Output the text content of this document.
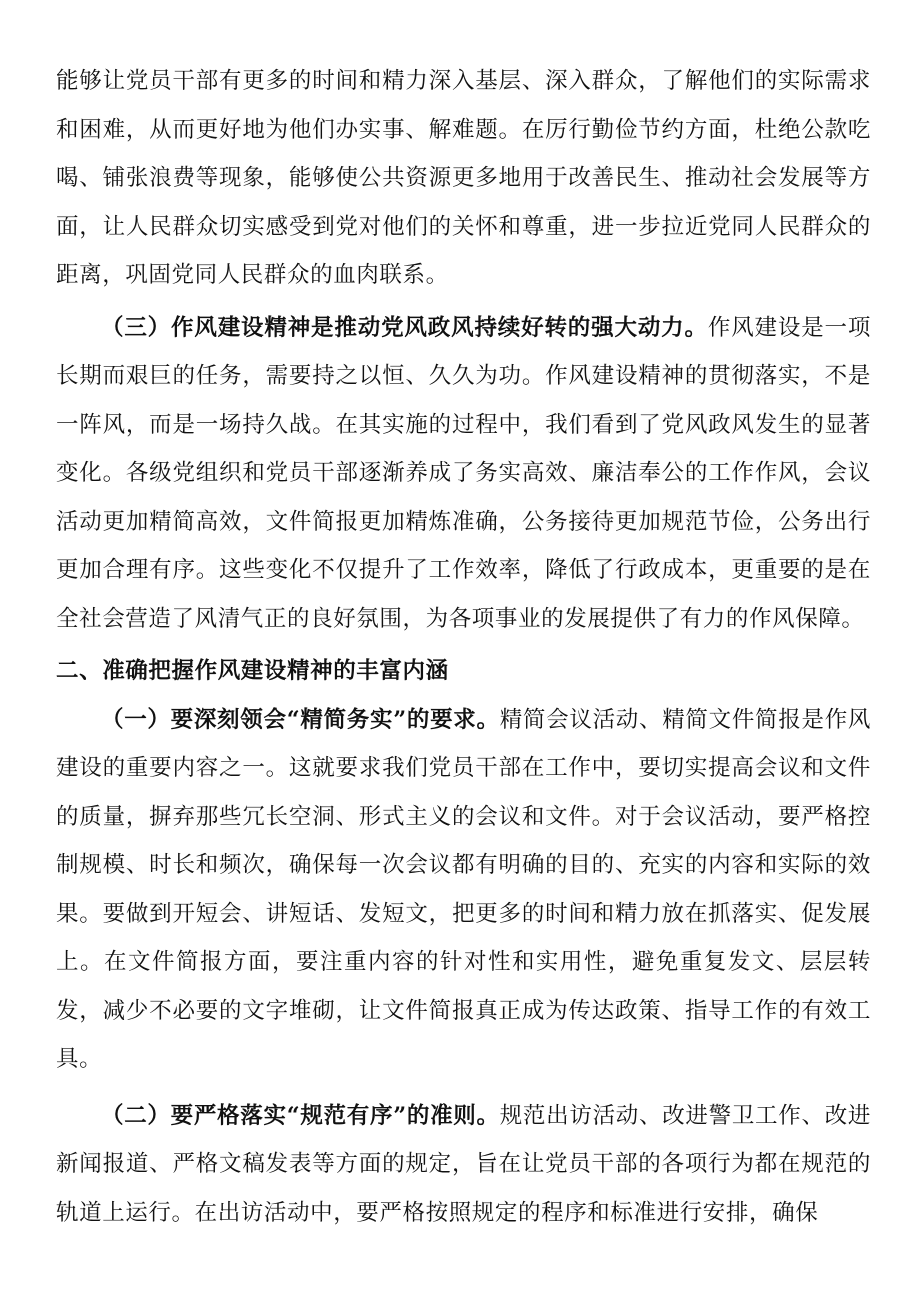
能够让党员干部有更多的时间和精力深入基层、深入群众，了解他们的实际需求和困难，从而更好地为他们办实事、解难题。在厉行勤俭节约方面，杜绝公款吃喝、铺张浪费等现象，能够使公共资源更多地用于改善民生、推动社会发展等方面，让人民群众切实感受到党对他们的关怀和尊重，进一步拉近党同人民群众的距离，巩固党同人民群众的血肉联系。

（三）作风建设精神是推动党风政风持续好转的强大动力。作风建设是一项长期而艰巨的任务，需要持之以恒、久久为功。作风建设精神的贯彻落实，不是一阵风，而是一场持久战。在其实施的过程中，我们看到了党风政风发生的显著变化。各级党组织和党员干部逐渐养成了务实高效、廉洁奉公的工作作风，会议活动更加精简高效，文件简报更加精炼准确，公务接待更加规范节俭，公务出行更加合理有序。这些变化不仅提升了工作效率，降低了行政成本，更重要的是在全社会营造了风清气正的良好氛围，为各项事业的发展提供了有力的作风保障。

二、准确把握作风建设精神的丰富内涵

（一）要深刻领会“精简务实”的要求。精简会议活动、精简文件简报是作风建设的重要内容之一。这就要求我们党员干部在工作中，要切实提高会议和文件的质量，摒弃那些冗长空洞、形式主义的会议和文件。对于会议活动，要严格控制规模、时长和频次，确保每一次会议都有明确的目的、充实的内容和实际的效果。要做到开短会、讲短话、发短文，把更多的时间和精力放在抓落实、促发展上。在文件简报方面，要注重内容的针对性和实用性，避免重复发文、层层转发，减少不必要的文字堆砌，让文件简报真正成为传达政策、指导工作的有效工具。

（二）要严格落实“规范有序”的准则。规范出访活动、改进警卫工作、改进新闻报道、严格文稿发表等方面的规定，旨在让党员干部的各项行为都在规范的轨道上运行。在出访活动中，要严格按照规定的程序和标准进行安排，确保
